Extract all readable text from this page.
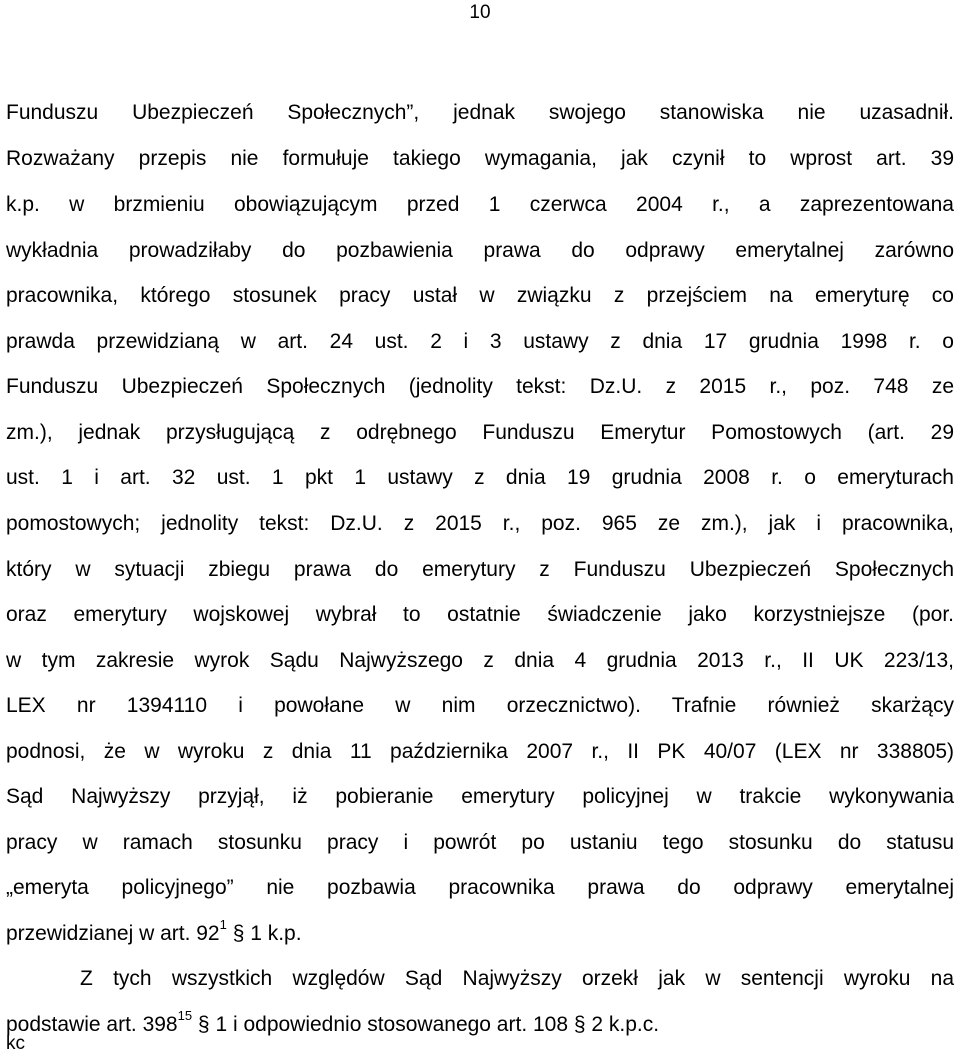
10
Funduszu Ubezpieczeń Społecznych”, jednak swojego stanowiska nie uzasadnił.
Rozważany przepis nie formułuje takiego wymagania, jak czynił to wprost art. 39
k.p. w brzmieniu obowiązującym przed 1 czerwca 2004 r., a zaprezentowana
wykładnia prowadziłaby do pozbawienia prawa do odprawy emerytalnej zarówno
pracownika, którego stosunek pracy ustał w związku z przejściem na emeryturę co
prawda przewidzianą w art. 24 ust. 2 i 3 ustawy z dnia 17 grudnia 1998 r. o
Funduszu Ubezpieczeń Społecznych (jednolity tekst: Dz.U. z 2015 r., poz. 748 ze
zm.), jednak przysługującą z odrębnego Funduszu Emerytur Pomostowych (art. 29
ust. 1 i art. 32 ust. 1 pkt 1 ustawy z dnia 19 grudnia 2008 r. o emeryturach
pomostowych; jednolity tekst: Dz.U. z 2015 r., poz. 965 ze zm.), jak i pracownika,
który w sytuacji zbiegu prawa do emerytury z Funduszu Ubezpieczeń Społecznych
oraz emerytury wojskowej wybrał to ostatnie świadczenie jako korzystniejsze (por.
w tym zakresie wyrok Sądu Najwyższego z dnia 4 grudnia 2013 r., II UK 223/13,
LEX nr 1394110 i powołane w nim orzecznictwo). Trafnie również skarżący
podnosi, że w wyroku z dnia 11 października 2007 r., II PK 40/07 (LEX nr 338805)
Sąd Najwyższy przyjął, iż pobieranie emerytury policyjnej w trakcie wykonywania
pracy w ramach stosunku pracy i powrót po ustaniu tego stosunku do statusu
„emeryta policyjnego” nie pozbawia pracownika prawa do odprawy emerytalnej
przewidzianej w art. $92^1$ § 1 k.p.
Z tych wszystkich względów Sąd Najwyższy orzekł jak w sentencji wyroku na
podstawie art. $398^{15}$ § 1 i odpowiednio stosowanego art. 108 § 2 k.p.c.
kc
